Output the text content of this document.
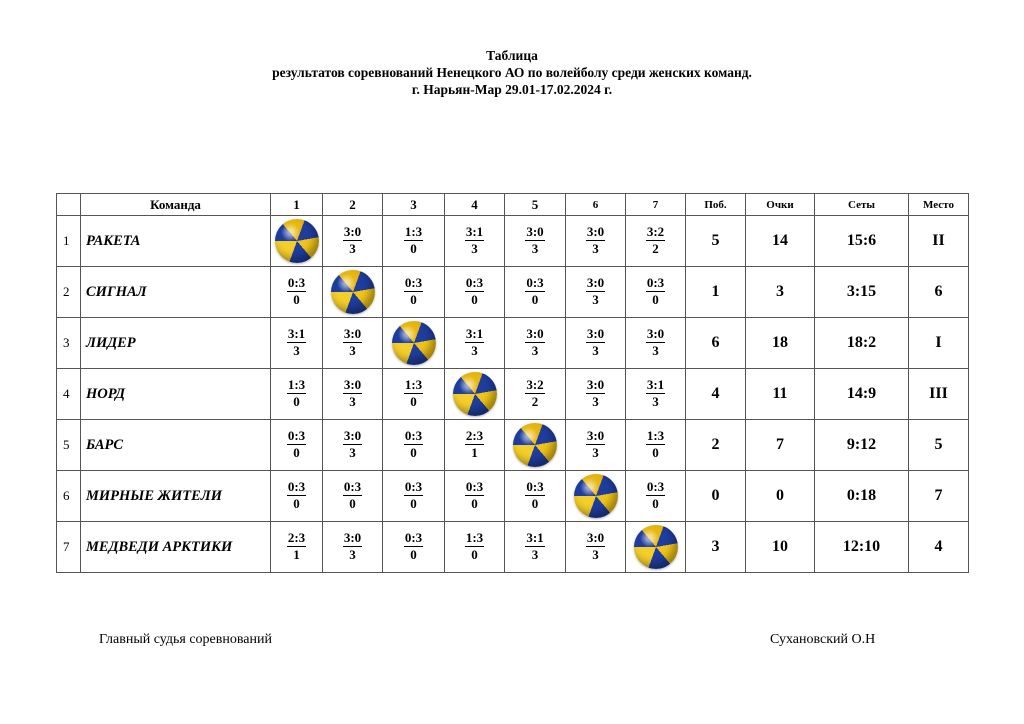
Таблица
результатов соревнований Ненецкого АО по волейболу среди женских команд.
г. Нарьян-Мар 29.01-17.02.2024 г.
	Команда	1	2	3	4	5	6	7	Поб.	Очки	Сеты	Место
1	РАКЕТА		$\frac{3:0}{3}$	$\frac{1:3}{0}$	$\frac{3:1}{3}$	$\frac{3:0}{3}$	$\frac{3:0}{3}$	$\frac{3:2}{2}$	5	14	15:6	II
2	СИГНАЛ	$\frac{0:3}{0}$		$\frac{0:3}{0}$	$\frac{0:3}{0}$	$\frac{0:3}{0}$	$\frac{3:0}{3}$	$\frac{0:3}{0}$	1	3	3:15	6
3	ЛИДЕР	$\frac{3:1}{3}$	$\frac{3:0}{3}$		$\frac{3:1}{3}$	$\frac{3:0}{3}$	$\frac{3:0}{3}$	$\frac{3:0}{3}$	6	18	18:2	I
4	НОРД	$\frac{1:3}{0}$	$\frac{3:0}{3}$	$\frac{1:3}{0}$		$\frac{3:2}{2}$	$\frac{3:0}{3}$	$\frac{3:1}{3}$	4	11	14:9	III
5	БАРС	$\frac{0:3}{0}$	$\frac{3:0}{3}$	$\frac{0:3}{0}$	$\frac{2:3}{1}$		$\frac{3:0}{3}$	$\frac{1:3}{0}$	2	7	9:12	5
6	МИРНЫЕ ЖИТЕЛИ	$\frac{0:3}{0}$	$\frac{0:3}{0}$	$\frac{0:3}{0}$	$\frac{0:3}{0}$	$\frac{0:3}{0}$		$\frac{0:3}{0}$	0	0	0:18	7
7	МЕДВЕДИ АРКТИКИ	$\frac{2:3}{1}$	$\frac{3:0}{3}$	$\frac{0:3}{0}$	$\frac{1:3}{0}$	$\frac{3:1}{3}$	$\frac{3:0}{3}$		3	10	12:10	4
Главный судья соревнований	Сухановский О.Н
